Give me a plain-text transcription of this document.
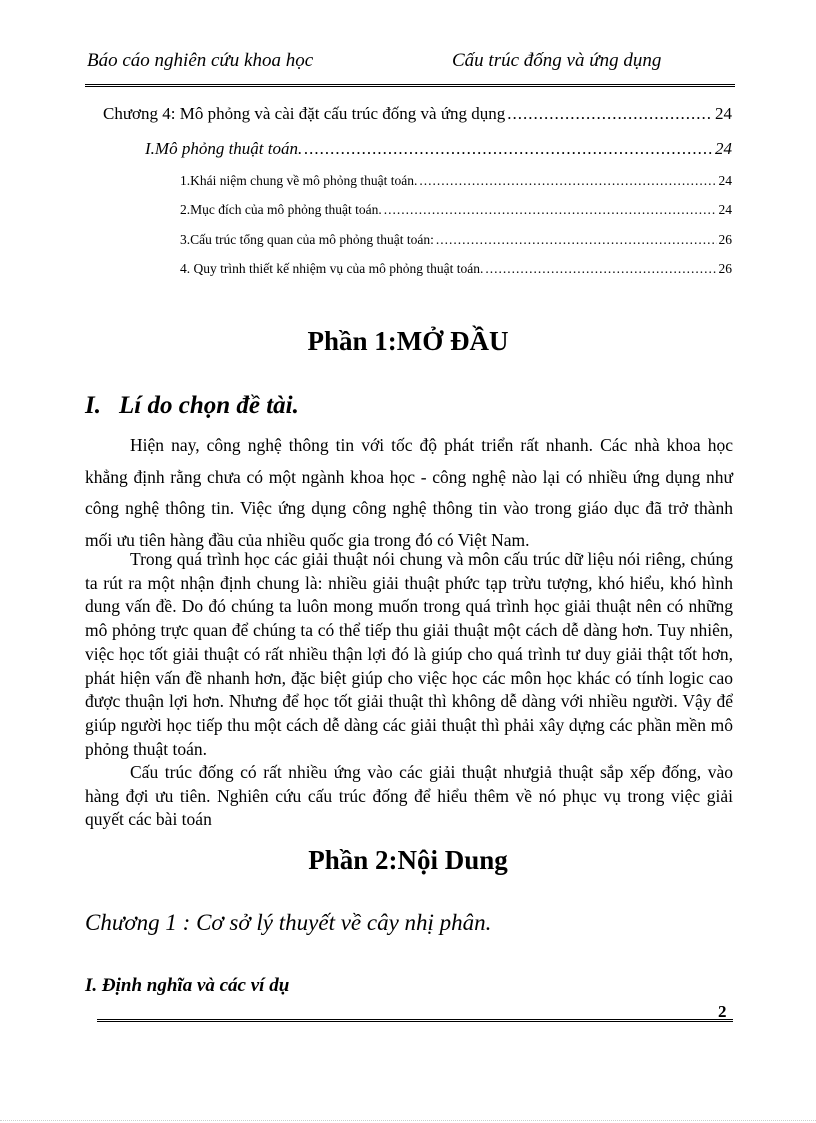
Báo cáo nghiên cứu khoa học	Cấu trúc đống và ứng dụng
Chương 4: Mô phỏng và cài đặt cấu trúc đống và ứng dụng .....	24
I.Mô phỏng thuật toán. .....	24
1.Khái niệm chung về mô phỏng thuật toán. .....	24
2.Mục đích của mô phỏng thuật toán. .....	24
3.Cấu trúc tổng quan của mô phỏng thuật toán: .....	26
4. Quy trình thiết kế nhiệm vụ của mô phỏng thuật toán. .....	26
Phần 1:MỞ ĐẦU
I. Lí do chọn đề tài.

Hiện nay, công nghệ thông tin với tốc độ phát triển rất nhanh. Các nhà khoa học khẳng định rằng chưa có một ngành khoa học - công nghệ nào lại có nhiều ứng dụng như công nghệ thông tin. Việc ứng dụng công nghệ thông tin vào trong giáo dục đã trở thành mối ưu tiên hàng đầu của nhiều quốc gia trong đó có Việt Nam.

Trong quá trình học các giải thuật nói chung và môn cấu trúc dữ liệu nói riêng, chúng ta rút ra một nhận định chung là: nhiều giải thuật phức tạp trừu tượng, khó hiểu, khó hình dung vấn đề. Do đó chúng ta luôn mong muốn trong quá trình học giải thuật nên có những mô phỏng trực quan để chúng ta có thể tiếp thu giải thuật một cách dễ dàng hơn. Tuy nhiên, việc học tốt giải thuật có rất nhiều thận lợi đó là giúp cho quá trình tư duy giải thật tốt hơn, phát hiện vấn đề nhanh hơn, đặc biệt giúp cho việc học các môn học khác có tính logic cao được thuận lợi hơn. Nhưng để học tốt giải thuật thì không dễ dàng với nhiều người. Vậy để giúp người học tiếp thu một cách dễ dàng các giải thuật thì phải xây dựng các phần mền mô phỏng thuật toán.

Cấu trúc đống có rất nhiều ứng vào các giải thuật nhưgiả thuật sắp xếp đống, vào hàng đợi ưu tiên. Nghiên cứu cấu trúc đống để hiểu thêm về nó phục vụ trong việc giải quyết các bài toán

Phần 2:Nội Dung
Chương 1 : Cơ sở lý thuyết về cây nhị phân.
I. Định nghĩa và các ví dụ
2
